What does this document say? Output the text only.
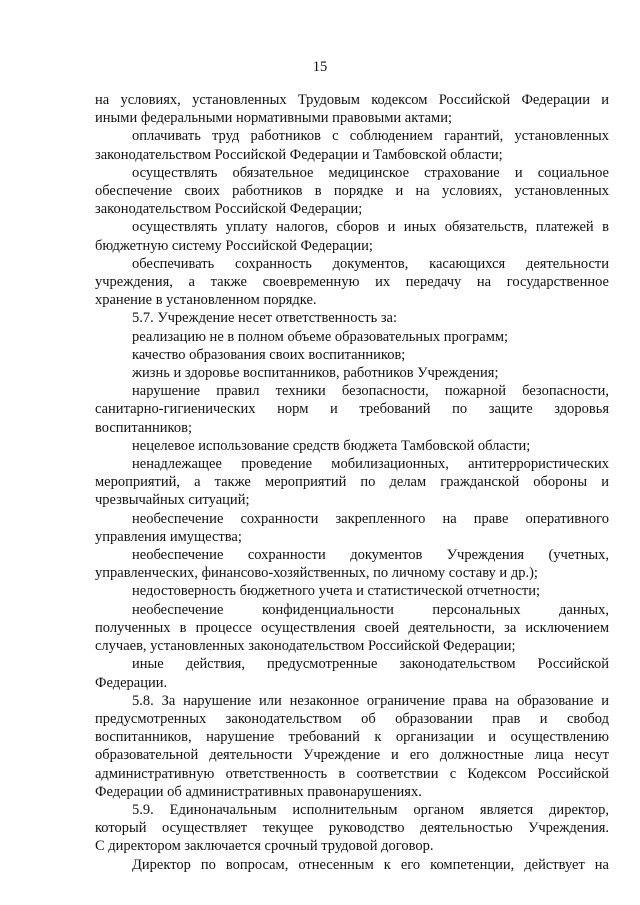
15

на условиях, установленных Трудовым кодексом Российской Федерации и

иными федеральными нормативными правовыми актами;

оплачивать труд работников с соблюдением гарантий, установленных

законодательством Российской Федерации и Тамбовской области;

осуществлять обязательное медицинское страхование и социальное

обеспечение своих работников в порядке и на условиях, установленных

законодательством Российской Федерации;

осуществлять уплату налогов, сборов и иных обязательств, платежей в

бюджетную систему Российской Федерации;

обеспечивать сохранность документов, касающихся деятельности

учреждения, а также своевременную их передачу на государственное

хранение в установленном порядке.

5.7. Учреждение несет ответственность за:

реализацию не в полном объеме образовательных программ;

качество образования своих воспитанников;

жизнь и здоровье воспитанников, работников Учреждения;

нарушение правил техники безопасности, пожарной безопасности,

санитарно-гигиенических норм и требований по защите здоровья

воспитанников;

нецелевое использование средств бюджета Тамбовской области;

ненадлежащее проведение мобилизационных, антитеррористических

мероприятий, а также мероприятий по делам гражданской обороны и

чрезвычайных ситуаций;

необеспечение сохранности закрепленного на праве оперативного

управления имущества;

необеспечение сохранности документов Учреждения (учетных,

управленческих, финансово-хозяйственных, по личному составу и др.);

недостоверность бюджетного учета и статистической отчетности;

необеспечение конфиденциальности персональных данных,

полученных в процессе осуществления своей деятельности, за исключением

случаев, установленных законодательством Российской Федерации;

иные действия, предусмотренные законодательством Российской

Федерации.

5.8. За нарушение или незаконное ограничение права на образование и

предусмотренных законодательством об образовании прав и свобод

воспитанников, нарушение требований к организации и осуществлению

образовательной деятельности Учреждение и его должностные лица несут

административную ответственность в соответствии с Кодексом Российской

Федерации об административных правонарушениях.

5.9. Единоначальным исполнительным органом является директор,

который осуществляет текущее руководство деятельностью Учреждения.

С директором заключается срочный трудовой договор.

Директор по вопросам, отнесенным к его компетенции, действует на
